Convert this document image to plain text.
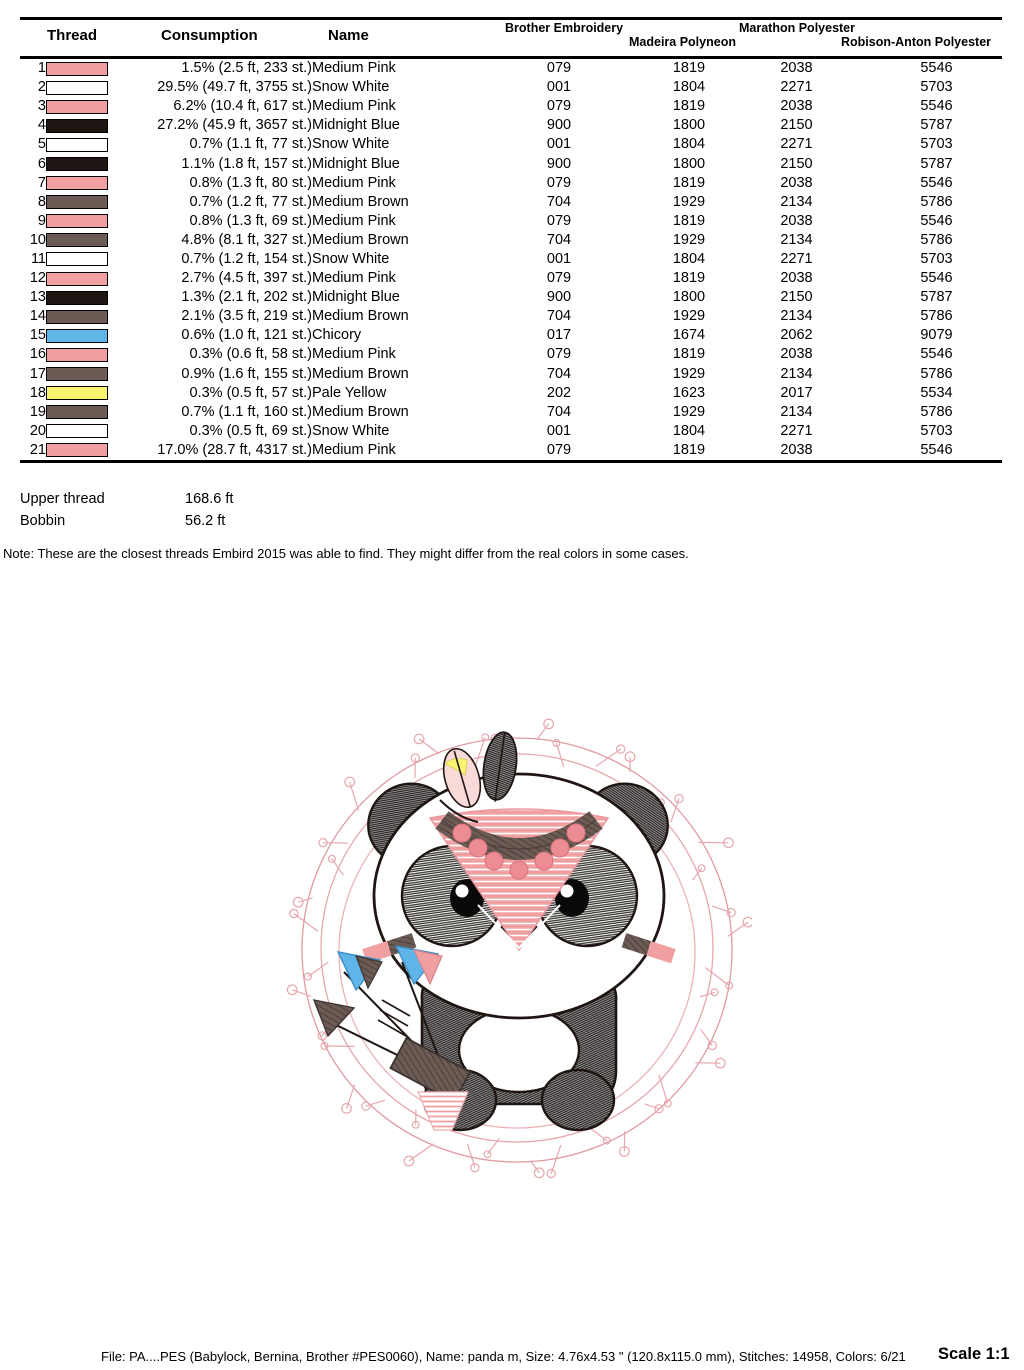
Thread	Consumption	Name	Brother Embroidery
Madeira Polyneon
Marathon Polyester
Robison-Anton Polyester
1		1.5% (2.5 ft, 233 st.)	Medium Pink	079	1819	2038	5546
2		29.5% (49.7 ft, 3755 st.)	Snow White	001	1804	2271	5703
3		6.2% (10.4 ft, 617 st.)	Medium Pink	079	1819	2038	5546
4		27.2% (45.9 ft, 3657 st.)	Midnight Blue	900	1800	2150	5787
5		0.7% (1.1 ft, 77 st.)	Snow White	001	1804	2271	5703
6		1.1% (1.8 ft, 157 st.)	Midnight Blue	900	1800	2150	5787
7		0.8% (1.3 ft, 80 st.)	Medium Pink	079	1819	2038	5546
8		0.7% (1.2 ft, 77 st.)	Medium Brown	704	1929	2134	5786
9		0.8% (1.3 ft, 69 st.)	Medium Pink	079	1819	2038	5546
10		4.8% (8.1 ft, 327 st.)	Medium Brown	704	1929	2134	5786
11		0.7% (1.2 ft, 154 st.)	Snow White	001	1804	2271	5703
12		2.7% (4.5 ft, 397 st.)	Medium Pink	079	1819	2038	5546
13		1.3% (2.1 ft, 202 st.)	Midnight Blue	900	1800	2150	5787
14		2.1% (3.5 ft, 219 st.)	Medium Brown	704	1929	2134	5786
15		0.6% (1.0 ft, 121 st.)	Chicory	017	1674	2062	9079
16		0.3% (0.6 ft, 58 st.)	Medium Pink	079	1819	2038	5546
17		0.9% (1.6 ft, 155 st.)	Medium Brown	704	1929	2134	5786
18		0.3% (0.5 ft, 57 st.)	Pale Yellow	202	1623	2017	5534
19		0.7% (1.1 ft, 160 st.)	Medium Brown	704	1929	2134	5786
20		0.3% (0.5 ft, 69 st.)	Snow White	001	1804	2271	5703
21		17.0% (28.7 ft, 4317 st.)	Medium Pink	079	1819	2038	5546
Upper thread	168.6 ft
Bobbin	56.2 ft
Note: These are the closest threads Embird 2015 was able to find. They might differ from the real colors in some cases.
File: PA....PES (Babylock, Bernina, Brother #PES0060), Name: panda m, Size: 4.76x4.53 " (120.8x115.0 mm), Stitches: 14958, Colors: 6/21 Scale 1:1
